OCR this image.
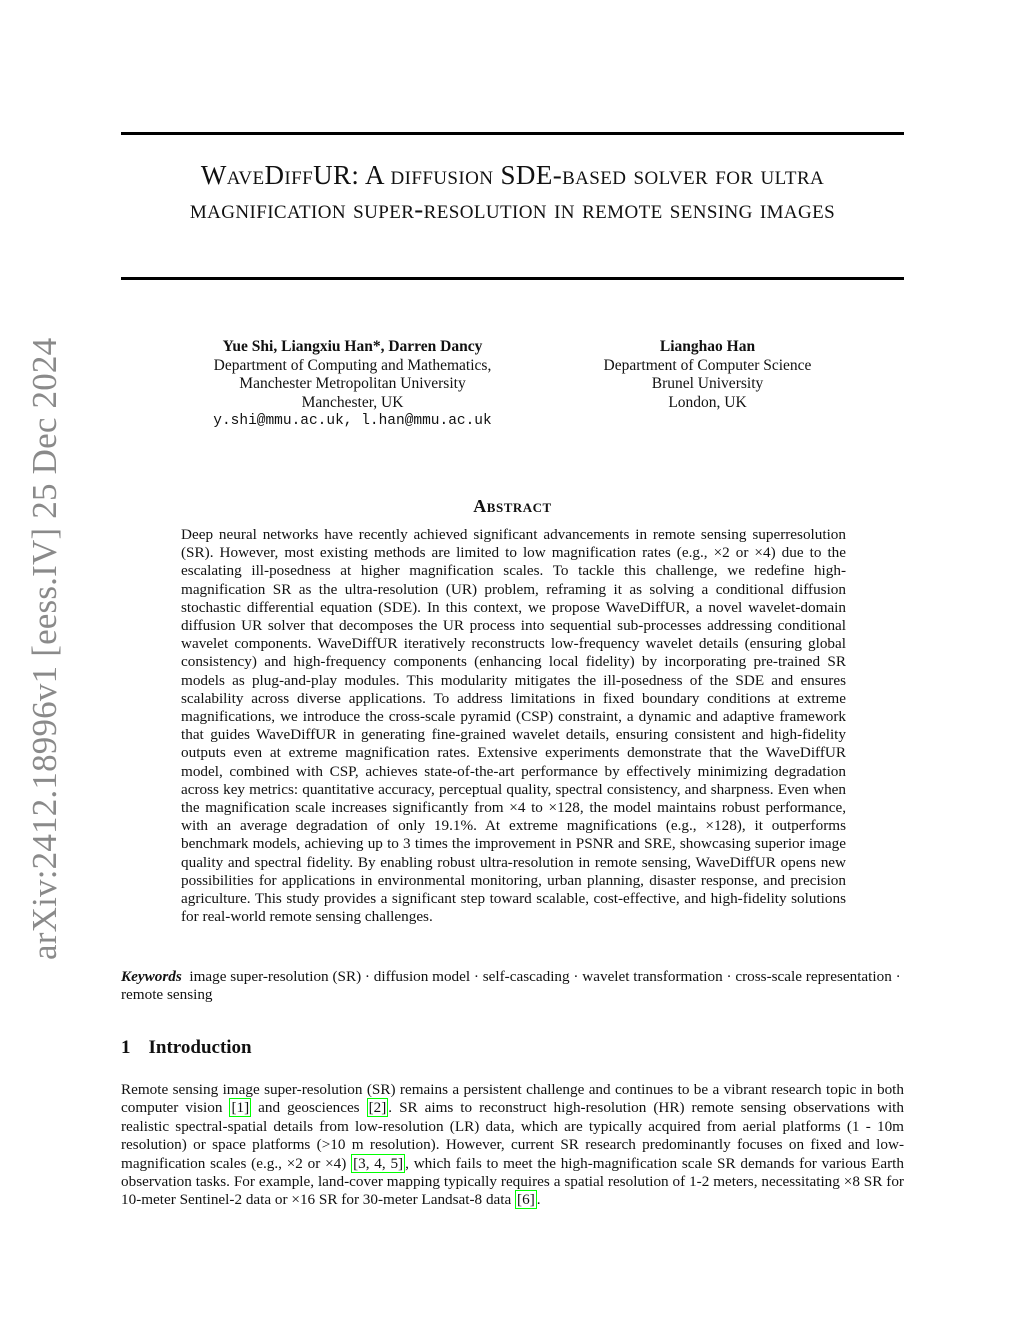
arXiv:2412.18996v1 [eess.IV] 25 Dec 2024
WaveDiffUR: A diffusion SDE-based solver for ultra magnification super-resolution in remote sensing images
Yue Shi, Liangxiu Han*, Darren Dancy
Department of Computing and Mathematics,
Manchester Metropolitan University
Manchester, UK
y.shi@mmu.ac.uk, l.han@mmu.ac.uk
Lianghao Han
Department of Computer Science
Brunel University
London, UK
Abstract
Deep neural networks have recently achieved significant advancements in remote sensing superresolution (SR). However, most existing methods are limited to low magnification rates (e.g., ×2 or ×4) due to the escalating ill-posedness at higher magnification scales. To tackle this challenge, we redefine high-magnification SR as the ultra-resolution (UR) problem, reframing it as solving a conditional diffusion stochastic differential equation (SDE). In this context, we propose WaveDiffUR, a novel wavelet-domain diffusion UR solver that decomposes the UR process into sequential sub-processes addressing conditional wavelet components. WaveDiffUR iteratively reconstructs low-frequency wavelet details (ensuring global consistency) and high-frequency components (enhancing local fidelity) by incorporating pre-trained SR models as plug-and-play modules. This modularity mitigates the ill-posedness of the SDE and ensures scalability across diverse applications. To address limitations in fixed boundary conditions at extreme magnifications, we introduce the cross-scale pyramid (CSP) constraint, a dynamic and adaptive framework that guides WaveDiffUR in generating fine-grained wavelet details, ensuring consistent and high-fidelity outputs even at extreme magnification rates. Extensive experiments demonstrate that the WaveDiffUR model, combined with CSP, achieves state-of-the-art performance by effectively minimizing degradation across key metrics: quantitative accuracy, perceptual quality, spectral consistency, and sharpness. Even when the magnification scale increases significantly from ×4 to ×128, the model maintains robust performance, with an average degradation of only 19.1%. At extreme magnifications (e.g., ×128), it outperforms benchmark models, achieving up to 3 times the improvement in PSNR and SRE, showcasing superior image quality and spectral fidelity. By enabling robust ultra-resolution in remote sensing, WaveDiffUR opens new possibilities for applications in environmental monitoring, urban planning, disaster response, and precision agriculture. This study provides a significant step toward scalable, cost-effective, and high-fidelity solutions for real-world remote sensing challenges.
Keywords image super-resolution (SR) · diffusion model · self-cascading · wavelet transformation · cross-scale representation · remote sensing
1 Introduction
Remote sensing image super-resolution (SR) remains a persistent challenge and continues to be a vibrant research topic in both computer vision [1] and geosciences [2] . SR aims to reconstruct high-resolution (HR) remote sensing observations with realistic spectral-spatial details from low-resolution (LR) data, which are typically acquired from aerial platforms (1 - 10m resolution) or space platforms (>10 m resolution). However, current SR research predominantly focuses on fixed and low-magnification scales (e.g., ×2 or ×4) [3, 4, 5] , which fails to meet the high-magnification scale SR demands for various Earth observation tasks. For example, land-cover mapping typically requires a spatial resolution of 1-2 meters, necessitating ×8 SR for 10-meter Sentinel-2 data or ×16 SR for 30-meter Landsat-8 data [6] .
